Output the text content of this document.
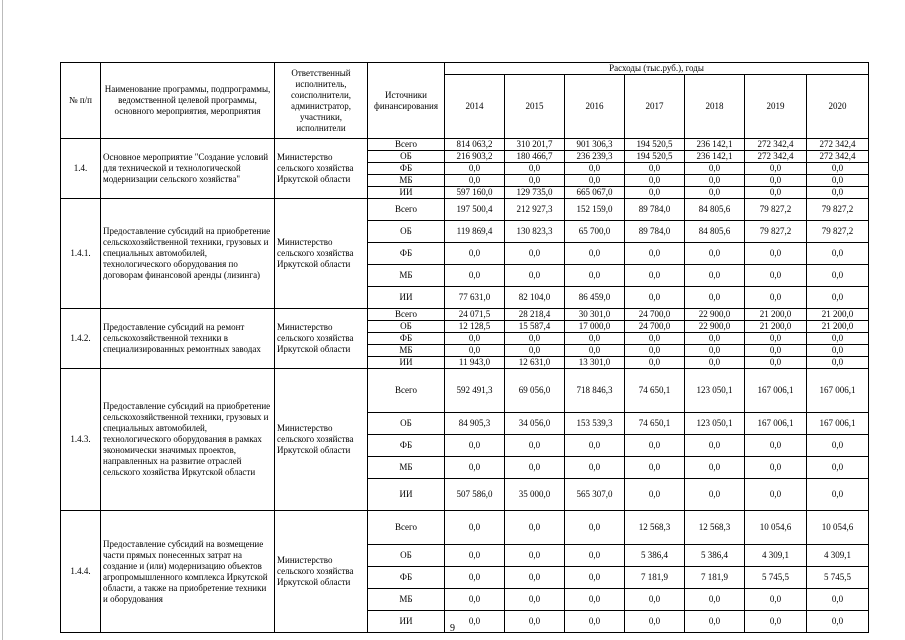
№ п/п	Наименование программы, подпрограммы, ведомственной целевой программы, основного мероприятия, мероприятия	Ответственный исполнитель, соисполнители, администратор, участники, исполнители	Источники финансирования	Расходы (тыс.руб.), годы						
				2014	2015	2016	2017	2018	2019	2020
1.4.	Основное мероприятие "Создание условий для технической и технологической модернизации сельского хозяйства"	Министерство сельского хозяйства Иркутской области	Всего	814 063,2	310 201,7	901 306,3	194 520,5	236 142,1	272 342,4	272 342,4
			ОБ	216 903,2	180 466,7	236 239,3	194 520,5	236 142,1	272 342,4	272 342,4
			ФБ	0,0	0,0	0,0	0,0	0,0	0,0	0,0
			МБ	0,0	0,0	0,0	0,0	0,0	0,0	0,0
			ИИ	597 160,0	129 735,0	665 067,0	0,0	0,0	0,0	0,0
1.4.1.	Предоставление субсидий на приобретение сельскохозяйственной техники, грузовых и специальных автомобилей, технологического оборудования по договорам финансовой аренды (лизинга)	Министерство сельского хозяйства Иркутской области	Всего	197 500,4	212 927,3	152 159,0	89 784,0	84 805,6	79 827,2	79 827,2
			ОБ	119 869,4	130 823,3	65 700,0	89 784,0	84 805,6	79 827,2	79 827,2
			ФБ	0,0	0,0	0,0	0,0	0,0	0,0	0,0
			МБ	0,0	0,0	0,0	0,0	0,0	0,0	0,0
			ИИ	77 631,0	82 104,0	86 459,0	0,0	0,0	0,0	0,0
1.4.2.	Предоставление субсидий на ремонт сельскохозяйственной техники в специализированных ремонтных заводах	Министерство сельского хозяйства Иркутской области	Всего	24 071,5	28 218,4	30 301,0	24 700,0	22 900,0	21 200,0	21 200,0
			ОБ	12 128,5	15 587,4	17 000,0	24 700,0	22 900,0	21 200,0	21 200,0
			ФБ	0,0	0,0	0,0	0,0	0,0	0,0	0,0
			МБ	0,0	0,0	0,0	0,0	0,0	0,0	0,0
			ИИ	11 943,0	12 631,0	13 301,0	0,0	0,0	0,0	0,0
1.4.3.	Предоставление субсидий на приобретение сельскохозяйственной техники, грузовых и специальных автомобилей, технологического оборудования в рамках экономически значимых проектов, направленных на развитие отраслей сельского хозяйства Иркутской области	Министерство сельского хозяйства Иркутской области	Всего	592 491,3	69 056,0	718 846,3	74 650,1	123 050,1	167 006,1	167 006,1
			ОБ	84 905,3	34 056,0	153 539,3	74 650,1	123 050,1	167 006,1	167 006,1
			ФБ	0,0	0,0	0,0	0,0	0,0	0,0	0,0
			МБ	0,0	0,0	0,0	0,0	0,0	0,0	0,0
			ИИ	507 586,0	35 000,0	565 307,0	0,0	0,0	0,0	0,0
1.4.4.	Предоставление субсидий на возмещение части прямых понесенных затрат на создание и (или) модернизацию объектов агропромышленного комплекса Иркутской области, а также на приобретение техники и оборудования	Министерство сельского хозяйства Иркутской области	Всего	0,0	0,0	0,0	12 568,3	12 568,3	10 054,6	10 054,6
			ОБ	0,0	0,0	0,0	5 386,4	5 386,4	4 309,1	4 309,1
			ФБ	0,0	0,0	0,0	7 181,9	7 181,9	5 745,5	5 745,5
			МБ	0,0	0,0	0,0	0,0	0,0	0,0	0,0
			ИИ	0,0	0,0	0,0	0,0	0,0	0,0	0,0
9
